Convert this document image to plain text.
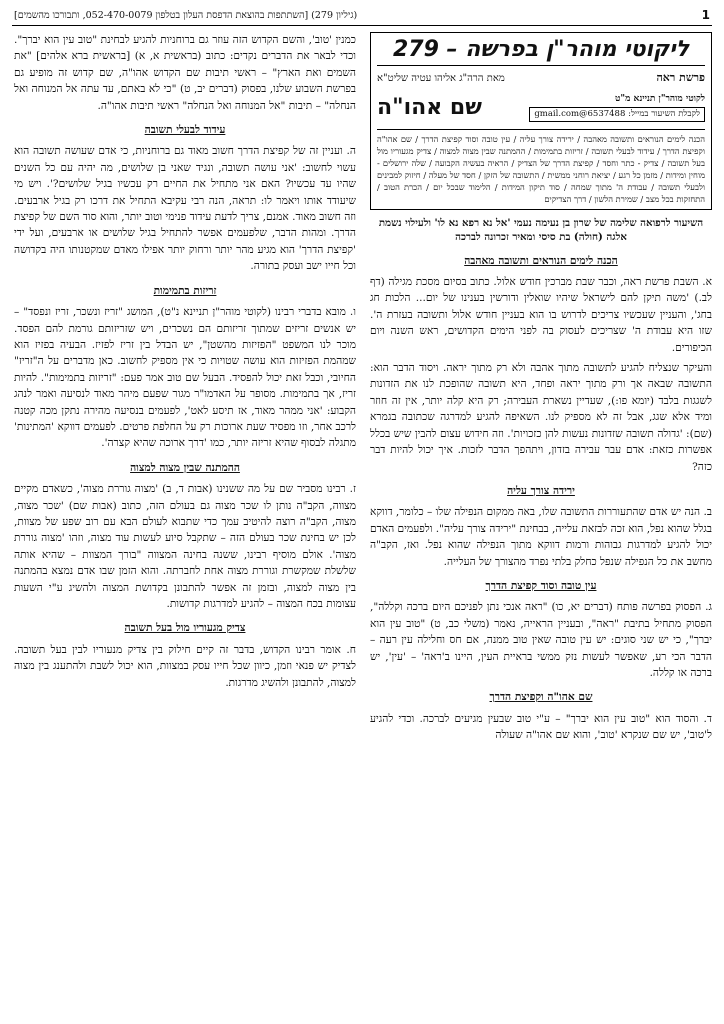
1
(גיליון 279) [השתתפות בהוצאת הדפסת העלון בטלפון 052-470-0079, ותבורכו מהשמים]
ליקוטי מוהר"ן בפרשה – 279
פרשת ראה
מאת הרה"ג אליהו עטיה שליט"א
לקוטי מוהר"ן תניינא מ"ט
לקבלת השיעור במייל: 6537488@gmail.com
שם אהו"ה
הכנה לימים הנוראים ותשובה מאהבה / ירידה צורך עליה / עין טובה וסוד קפיצת הדרך / שם אהו"ה וקפיצת הדרך / עידוד לבעלי תשובה / זריזות בתמימות / ההמתנה שבין מצוה למצוה / צדיק מגעוריו מול בעל תשובה / צדיק - כתר וחסד / קפיצת הדרך של הצדיק / הראיה בעשיה הקבועה / שלה ירושלים - מוחין ומידות / מזמן כל רגע / יציאת רוחני ממשית / התשובה של הזקן / חסד של מעלה / חיזוק למבינים ולבעלי תשובה / עבודת ה' מתוך שמחה / סוד תיקון המידות / הלימוד שבכל יום / הכרת הטוב / התחזקות בכל מצב / שמירת הלשון / דרך הצדיקים
השיעור לרפואה שלימה של שרון בן נעימה נעמי 'אל נא רפא נא לו' ולעילוי נשמת אלגה (חולה) בת סיסי ומאיר זכרונה לברכה
הכנה לימים הנוראים ותשובה מאהבה

א. השבת פרשת ראה, וכבר שבת מברכין חודש אלול. כתוב בסיום מסכת מגילה (דף לב.) 'משה תיקן להם לישראל שיהיו שואלין ודורשין בענינו של יום... הלכות חג בחג', והעניין שעכשיו צריכים לדרוש בו הוא בעניין חודש אלול ותשובה בעזרת ה'. שזו היא עבודת ה' שצריכים לעסוק בה לפני הימים הקדושים, ראש השנה ויום הכיפורים.

והעיקר שנצליח להגיע לתשובה מתוך אהבה ולא רק מתוך יראה. ויסוד הדבר הוא: התשובה שבאה אך ורק מתוך יראה ופחד, היא תשובה שהופכת לנו את הזדונות לשגגות בלבד (יומא פו:), שעדיין נשארת העבירה; רק היא קלה יותר, אין זה חוזר ומיד אלא שגג, אבל זה לא מספיק לנו. השאיפה להגיע למדרגה שכתובה בגמרא (שם): 'גדולה תשובה שזדונות נעשות להן כזכויות'. וזה חידוש עצום להבין שיש בכלל אפשרות כזאת: אדם עבר עבירה בזדון, ויתהפך הדבר לזכות. איך יכול להיות דבר כזה?

ירידה צורך עליה

ב. הנה יש אדם שהתעוררות התשובה שלו, באה ממקום הנפילה שלו – כלומר, דווקא בגלל שהוא נפל, הוא זכה לבזאת עלייה, בבחינת "ירידה צורך עליה". ולפעמים האדם יכול להגיע למדרגות גבוהות ורמות דווקא מתוך הנפילה שהוא נפל. ואז, הקב"ה מחשב את כל הנפילה שנפל כחלק בלתי נפרד מהצורך של העלייה.

עין טובה וסוד קפיצת הדרך

ג. הפסוק בפרשה פותח (דברים יא, כו) "ראה אנכי נתן לפניכם היום ברכה וקללה", הפסוק מתחיל בתיבת "ראה", ובעניין הראייה, נאמר (משלי כב, ט) "טוב עין הוא יברך", כי יש שני סוגים: יש עין טובה שאין טוב ממנה, אם חס וחלילה עין רעה – הדבר הכי רע, שאפשר לעשות נזק ממשי בראיית העין, היינו ב'ראה' – 'עין', יש ברכה או קללה.

שם אהו"ה וקפיצת הדרך

ד. והסוד הוא "טוב עין הוא יברך" – ע"י טוב שבעין מגיעים לברכה. וכדי להגיע ל'טוב', יש שם שנקרא 'טוב', והוא שם אהו"ה שעולה

כמנין 'טוב', והשם הקדוש הזה עוזר גם ברוחניות להגיע לבחינת "טוב עין הוא יברך". וכדי לבאר את הדברים נקדים: כתוב (בראשית א, א) [בראשית ברא אלהים] "את השמים ואת הארץ" – ראשי תיבות שם הקדוש אהו"ה, שם קדוש זה מופיע גם בפרשת השבוע שלנו, בפסוק (דברים יב, ט) "כי לא באתם, עד עתה אל המנוחה ואל הנחלה" – תיבות "אל המנוחה ואל הנחלה" ראשי תיבות אהו"ה.

עידוד לבעלי תשובה

ה. ועניין זה של קפיצת הדרך חשוב מאוד גם ברוחניות, כי אדם שעושה תשובה הוא עשוי לחשוב: 'אני עושה תשובה, ונגיד שאני בן שלושים, מה יהיה עם כל השנים שהיו עד עכשיו? האם אני מתחיל את החיים רק עכשיו בגיל שלושים?'. ויש מי שיעודד אותו ויאמר לו: תראה, הנה רבי עקיבא התחיל את דרכו רק בגיל ארבעים. וזה חשוב מאוד. אמנם, צריך לדעת עידוד פנימי וטוב יותר, והוא סוד השם של קפיצת הדרך. ומהות הדבר, שלפעמים אפשר להתחיל בגיל שלושים או ארבעים, ועל ידי 'קפיצת הדרך' הוא מגיע מהר יותר ורחוק יותר אפילו מאדם שמקטנותו היה בקדושה וכל חייו ישב ועסק בתורה.

זריזות בתמימות

ו. מובא בדברי רבינו (לקוטי מוהר"ן תניינא נ"ט), המושג "זריז ונשכר, זריז ונפסד" – יש אנשים זריזים שמתוך זריזותם הם נשכרים, ויש שזריזותם גורמת להם הפסד. מוכר לנו המשפט "הפזיזות מהשטן", יש הבדל בין זריז לפזיז. הבעיה בפזיז הוא שמהמת הפזיזות הוא עושה שטויות כי אין מספיק לחשוב. כאן מדברים על ה"זריז" החיובי, וכבל זאת יכול להפסיד. הבעל שם טוב אמר פעם: "זריזות בתמימות". להיות זריז, אך בתמימות. מסופר על האדמו"ר מגור שפעם מיהר מאוד לנסיעה ואמר לנהג הקבוע: 'אני ממהר מאוד, אז תיסע לאט', לפעמים בנסיעה מהירה נתקן מכה קטנה לרכב אחר, וזו מפסיד שעת ארוכות רק על החלפת פרטים. לפעמים דווקא 'המתינות' מתגלה לבסוף שהיא זריזה יותר, כמו 'דרך ארוכה שהיא קצרה'.

ההמתנה שבין מצוה למצוה

ז. רבינו מסביר שם על מה ששנינו (אבות ד, ב) 'מצוה גוררת מצוה', כשאדם מקיים מצווה, הקב"ה נותן לו שכר מצוה גם בעולם הזה, כתוב (אבות שם) 'שכר מצוה, מצוה, הקב"ה רוצה להיטיב עמך כדי שתבוא לעולם הבא עם רוב שפע של מצוות, לכן יש בחינת שכר בעולם הזה – שתקבל סיוע לעשות עוד מצוה, וזהו 'מצוה גוררת מצוה'. אולם מוסיף רבינו, ששנה בחינה המצווה "בורך המצוות – שהיא אותה שלשלת שמקשרת וגוררת מצוה אחת לחברתה. והוא הזמן שבו אדם נמצא בהמתנה בין מצוה למצוה, ובזמן זה אפשר להתבונן בקדושת המצוה ולהשיג ע"י השעות עצומות בכח המצוה – להגיע למדרגות קדושות.

צדיק מגעוריו מול בעל תשובה

ח. אומר רבינו הקדוש, בדבר זה קיים חילוק בין צדיק מנעוריו לבין בעל תשובה. לצדיק יש פנאי וזמן, כיוון שכל חייו עסק במצוות, הוא יכול לשבת ולהתענג בין מצוה למצוה, להתבונן ולהשיג מדרגות.
